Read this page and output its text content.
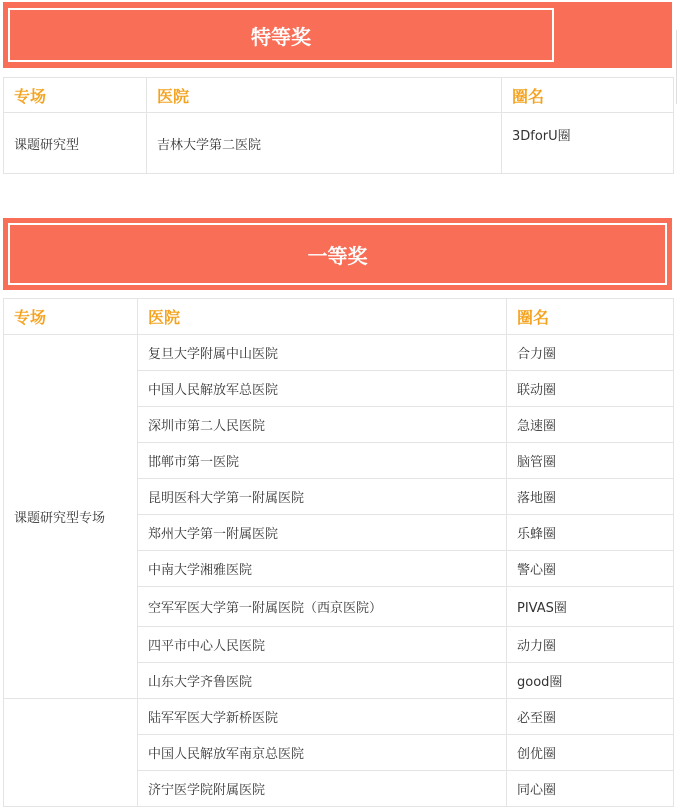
特等奖
专场	医院	圈名
课题研究型	吉林大学第二医院	3DforU圈
一等奖
专场	医院	圈名
课题研究型专场	复旦大学附属中山医院	合力圈
	中国人民解放军总医院	联动圈
	深圳市第二人民医院	急速圈
	邯郸市第一医院	脑管圈
	昆明医科大学第一附属医院	落地圈
	郑州大学第一附属医院	乐蜂圈
	中南大学湘雅医院	警心圈
	空军军医大学第一附属医院（西京医院）	PIVAS圈
	四平市中心人民医院	动力圈
	山东大学齐鲁医院	good圈
	陆军军医大学新桥医院	必至圈
	中国人民解放军南京总医院	创优圈
	济宁医学院附属医院	同心圈
